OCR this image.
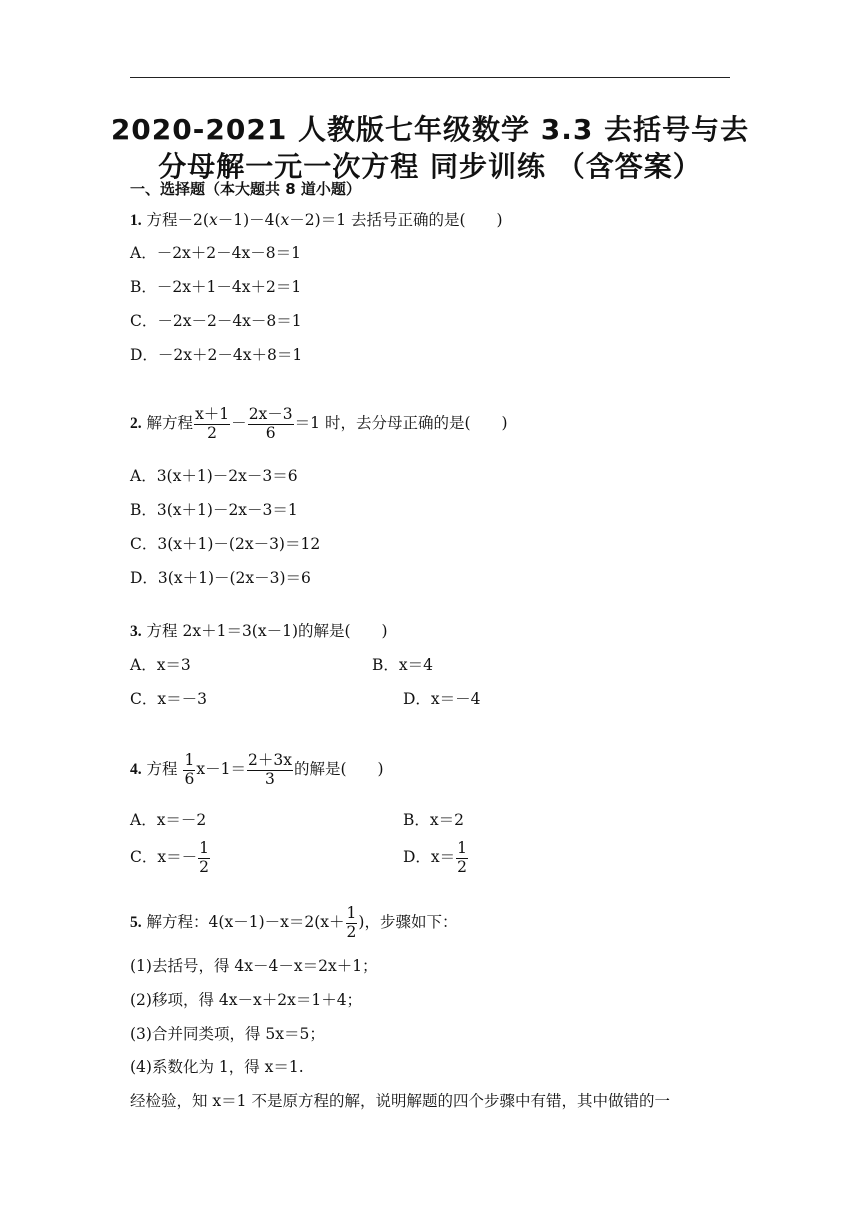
2020-2021 人教版七年级数学 3.3 去括号与去
分母解一元一次方程 同步训练 （含答案）
一、选择题（本大题共 8 道小题）
1. 方程－2(x－1)－4(x－2)＝1 去括号正确的是(　　)
A．－2x＋2－4x－8＝1
B．－2x＋1－4x＋2＝1
C．－2x－2－4x－8＝1
D．－2x＋2－4x＋8＝1
2. 解方程 $\frac{x+1}{2} - \frac{2x-3}{6} =1$ 时，去分母正确的是(　　)
A．3(x＋1)－2x－3＝6
B．3(x＋1)－2x－3＝1
C．3(x＋1)－(2x－3)＝12
D．3(x＋1)－(2x－3)＝6
3. 方程 2x＋1＝3(x－1)的解是(　　)
A．x＝3	B．x＝4
C．x＝－3	D．x＝－4
4. 方程 $\frac{1}{6} x-1= \frac{2+3x}{3}$ 的解是(　　)
A．x＝－2	B．x＝2
C．$x=- \frac{1}{2}$	D．$x= \frac{1}{2}$
5. 解方程：$4(x-1)-x=2(x+ \frac{1}{2}$ )，步骤如下：
(1)去括号，得 4x－4－x＝2x＋1；
(2)移项，得 4x－x＋2x＝1＋4；
(3)合并同类项，得 5x＝5；
(4)系数化为 1，得 x＝1.
经检验，知 x＝1 不是原方程的解，说明解题的四个步骤中有错，其中做错的一
